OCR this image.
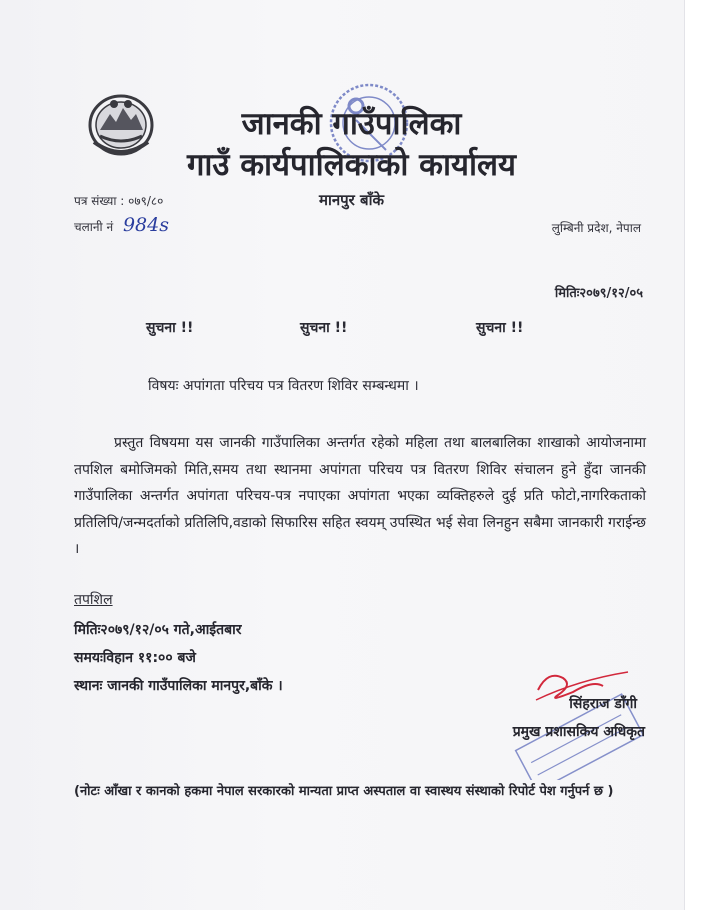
जानकी गाउँपालिका
गाउँ कार्यपालिकाको कार्यालय
मानपुर बाँके
पत्र संख्या : ०७९/८०
चलानी नं 984s	लुम्बिनी प्रदेश, नेपाल
मितिः२०७९/१२/०५
सुचना !!	सुचना !!	सुचना !!
विषयः अपांगता परिचय पत्र वितरण शिविर सम्बन्धमा ।

प्रस्तुत विषयमा यस जानकी गाउँपालिका अन्तर्गत रहेको महिला तथा बालबालिका शाखाको आयोजनामा तपशिल बमोजिमको मिति,समय तथा स्थानमा अपांगता परिचय पत्र वितरण शिविर संचालन हुने हुँदा जानकी गाउँपालिका अन्तर्गत अपांगता परिचय-पत्र नपाएका अपांगता भएका व्यक्तिहरुले दुई प्रति फोटो,नागरिकताको प्रतिलिपि/जन्मदर्ताको प्रतिलिपि,वडाको सिफारिस सहित स्वयम् उपस्थित भई सेवा लिनहुन सबैमा जानकारी गराईन्छ ।

तपशिल
मितिः२०७९/१२/०५ गते,आईतबार
समयःविहान ११:०० बजे
स्थानः जानकी गाउँपालिका मानपुर,बाँके ।
सिंहराज डाँगी
प्रमुख प्रशासकिय अधिकृत

(नोटः आँखा र कानको हकमा नेपाल सरकारको मान्यता प्राप्त अस्पताल वा स्वास्थय संस्थाको रिपोर्ट पेश गर्नुपर्न छ )
